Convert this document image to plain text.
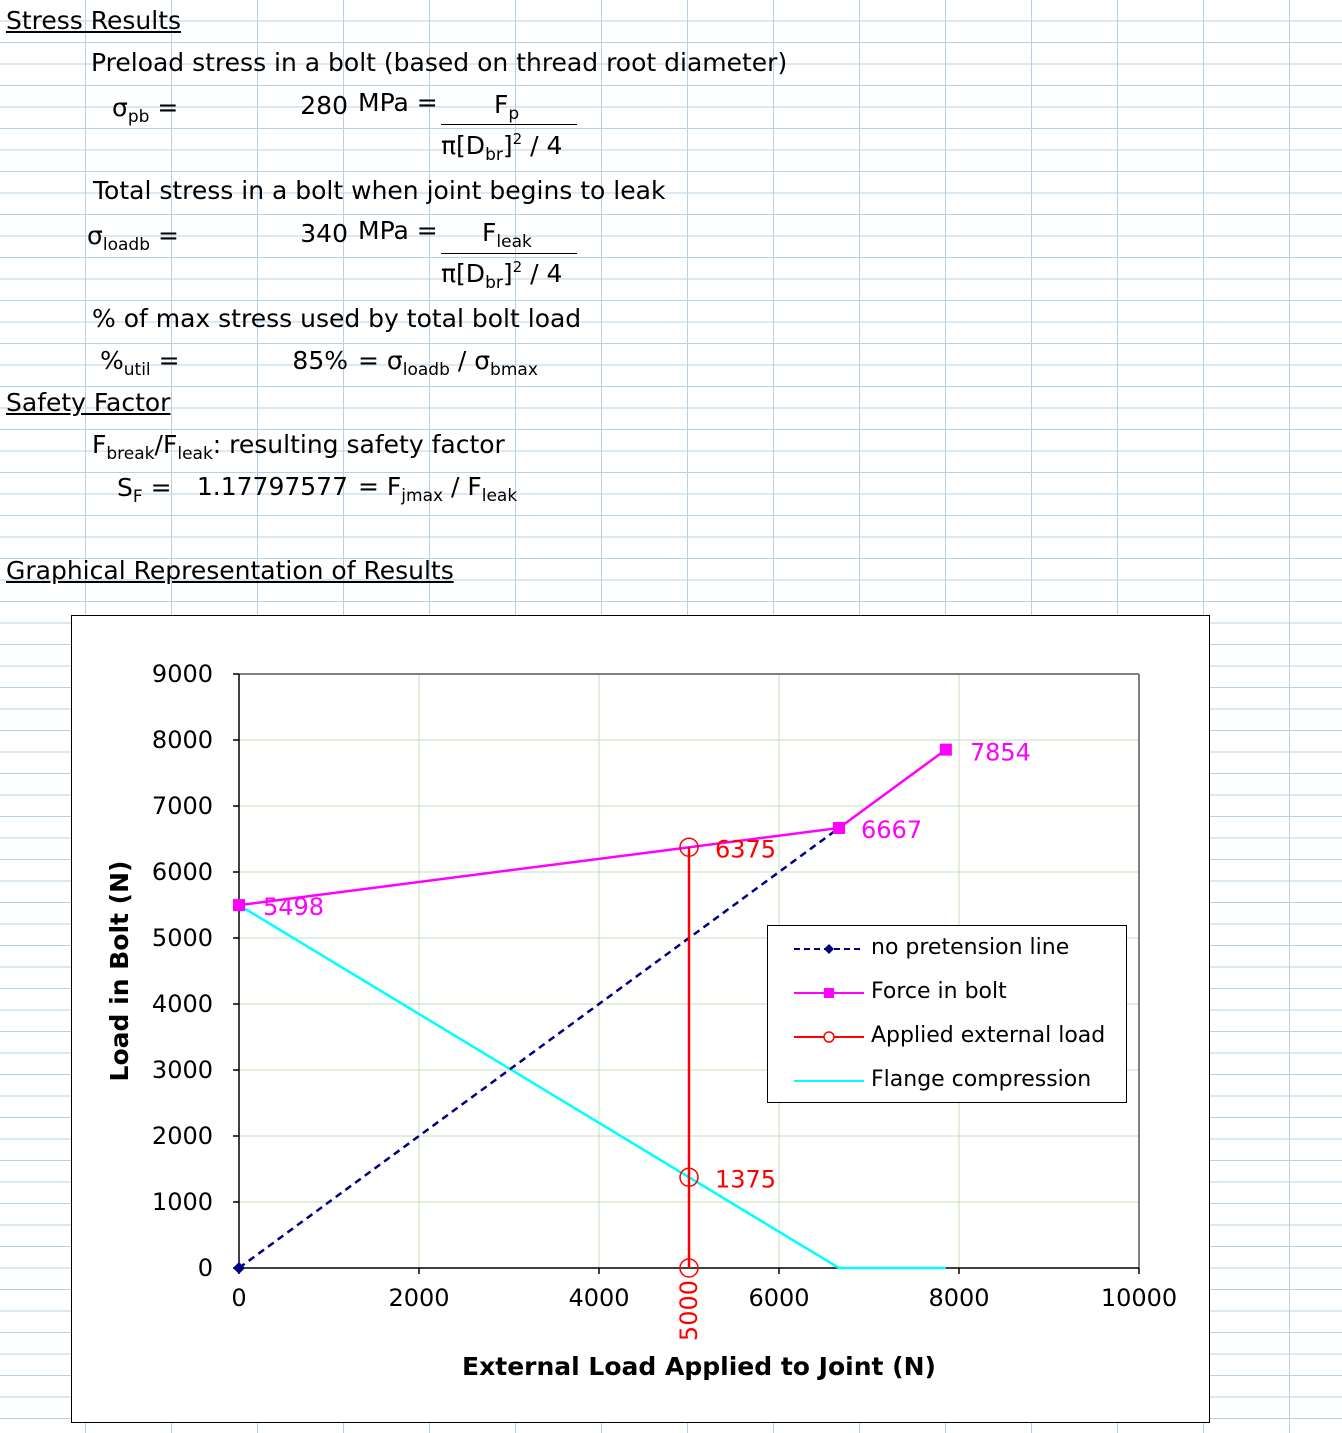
Stress Results
Preload stress in a bolt (based on thread root diameter)
$\sigma_{pb}$ =	280 MPa = $F_p$
$\pi[D_{br}]^2 / 4$
Total stress in a bolt when joint begins to leak
$\sigma_{loadb}$ =	340 MPa = $F_{leak}$
$\pi[D_{br}]^2 / 4$
% of max stress used by total bolt load
$\%_{util}$ =	$85\% = \sigma_{loadb} / \sigma_{bmax}$
Safety Factor
$F_{break}/F_{leak}$: resulting safety factor
$S_F = 1.17797577 = F_{jmax} / F_{leak}$
Graphical Representation of Results
0
1000
2000
3000
4000
5000
6000
7000
8000
9000
0	2000	4000	6000	8000	10000
External Load Applied to Joint (N)
Load in Bolt (N)	5498
6667
7854
6375
1375
5000
no pretension line
Force in bolt
Applied external load
Flange compression
